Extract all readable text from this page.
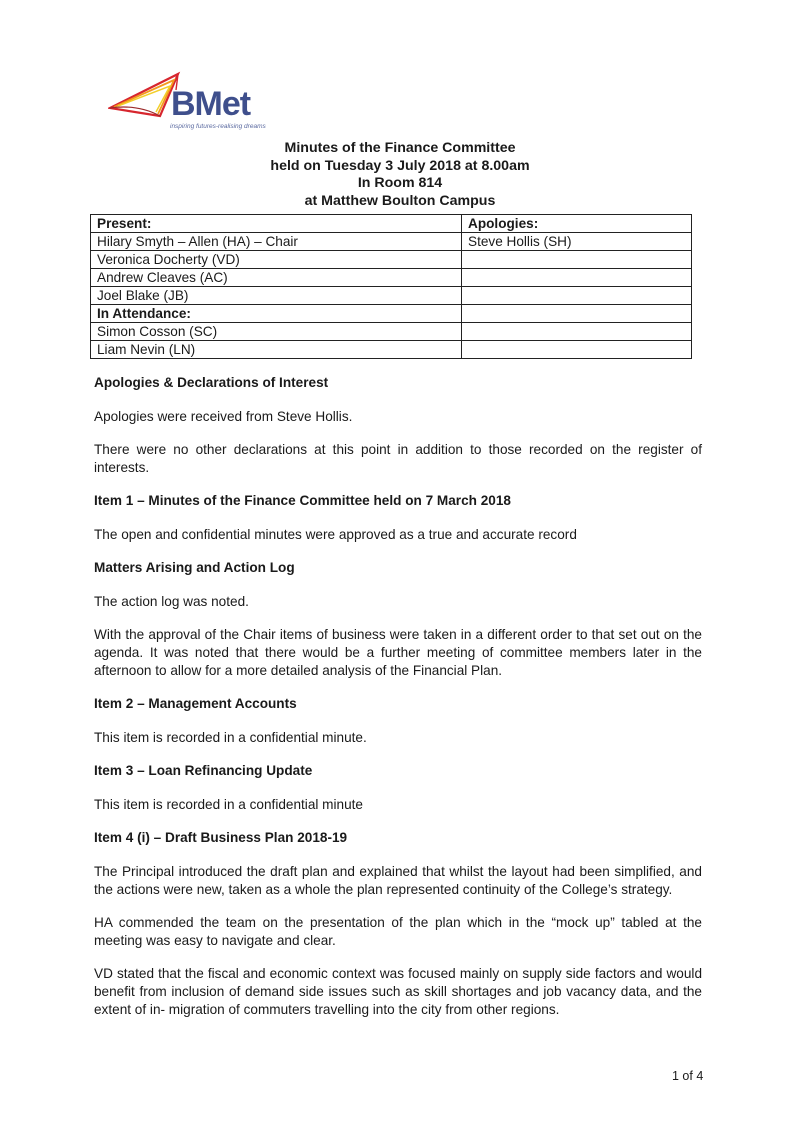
BMet
inspiring futures-realising dreams
Minutes of the Finance Committee
held on Tuesday 3 July 2018 at 8.00am
In Room 814
at Matthew Boulton Campus
Present:	Apologies:
Hilary Smyth – Allen (HA) – Chair	Steve Hollis (SH)
Veronica Docherty (VD)	
Andrew Cleaves (AC)	
Joel Blake (JB)	
In Attendance:	
Simon Cosson (SC)	
Liam Nevin (LN)	
Apologies & Declarations of Interest

Apologies were received from Steve Hollis.

There were no other declarations at this point in addition to those recorded on the register of interests.

Item 1 – Minutes of the Finance Committee held on 7 March 2018

The open and confidential minutes were approved as a true and accurate record

Matters Arising and Action Log

The action log was noted.

With the approval of the Chair items of business were taken in a different order to that set out on the agenda. It was noted that there would be a further meeting of committee members later in the afternoon to allow for a more detailed analysis of the Financial Plan.

Item 2 – Management Accounts

This item is recorded in a confidential minute.

Item 3 – Loan Refinancing Update

This item is recorded in a confidential minute

Item 4 (i) – Draft Business Plan 2018-19

The Principal introduced the draft plan and explained that whilst the layout had been simplified, and the actions were new, taken as a whole the plan represented continuity of the College’s strategy.

HA commended the team on the presentation of the plan which in the “mock up” tabled at the meeting was easy to navigate and clear.

VD stated that the fiscal and economic context was focused mainly on supply side factors and would benefit from inclusion of demand side issues such as skill shortages and job vacancy data, and the extent of in- migration of commuters travelling into the city from other regions.

1 of 4
